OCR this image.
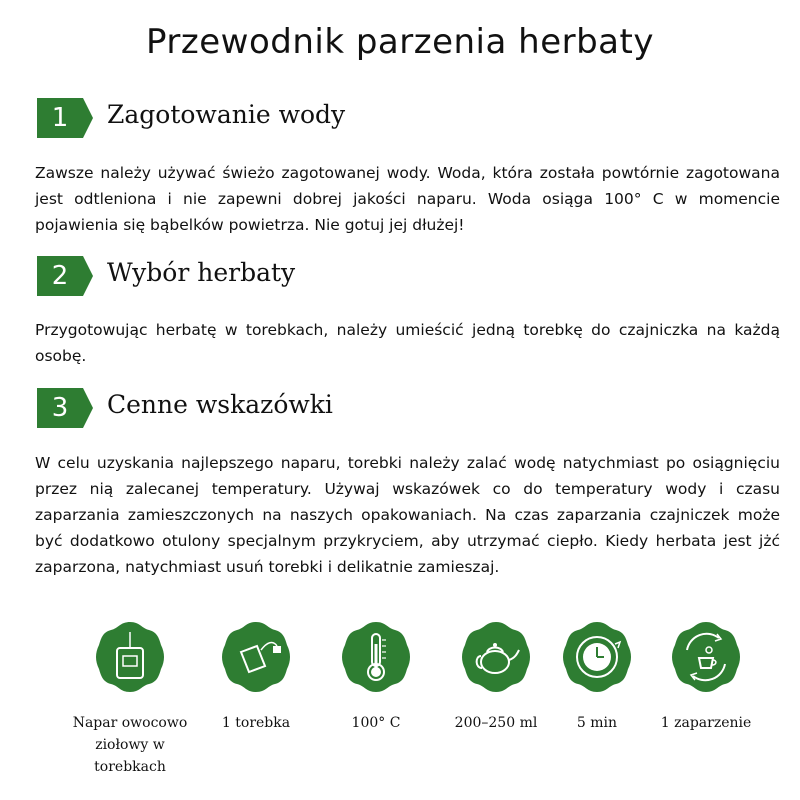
Przewodnik parzenia herbaty
1	Zagotowanie wody
Zawsze należy używać świeżo zagotowanej wody. Woda, która została powtórnie zagotowana jest odtleniona i nie zapewni dobrej jakości naparu. Woda osiąga 100° C w momencie pojawienia się bąbelków powietrza. Nie gotuj jej dłużej!
2	Wybór herbaty
Przygotowując herbatę w torebkach, należy umieścić jedną torebkę do czajniczka na każdą osobę.
3	Cenne wskazówki
W celu uzyskania najlepszego naparu, torebki należy zalać wodę natychmiast po osiągnięciu przez nią zalecanej temperatury. Używaj wskazówek co do temperatury wody i czasu zaparzania zamieszczonych na naszych opakowaniach. Na czas zaparzania czajniczek może być dodatkowo otulony specjalnym przykryciem, aby utrzymać ciepło. Kiedy herbata jest jżć zaparzona, natychmiast usuń torebki i delikatnie zamieszaj.
Napar owocowo ziołowy w torebkach
1 torebka	100° C	200–250 ml	5 min	1 zaparzenie
